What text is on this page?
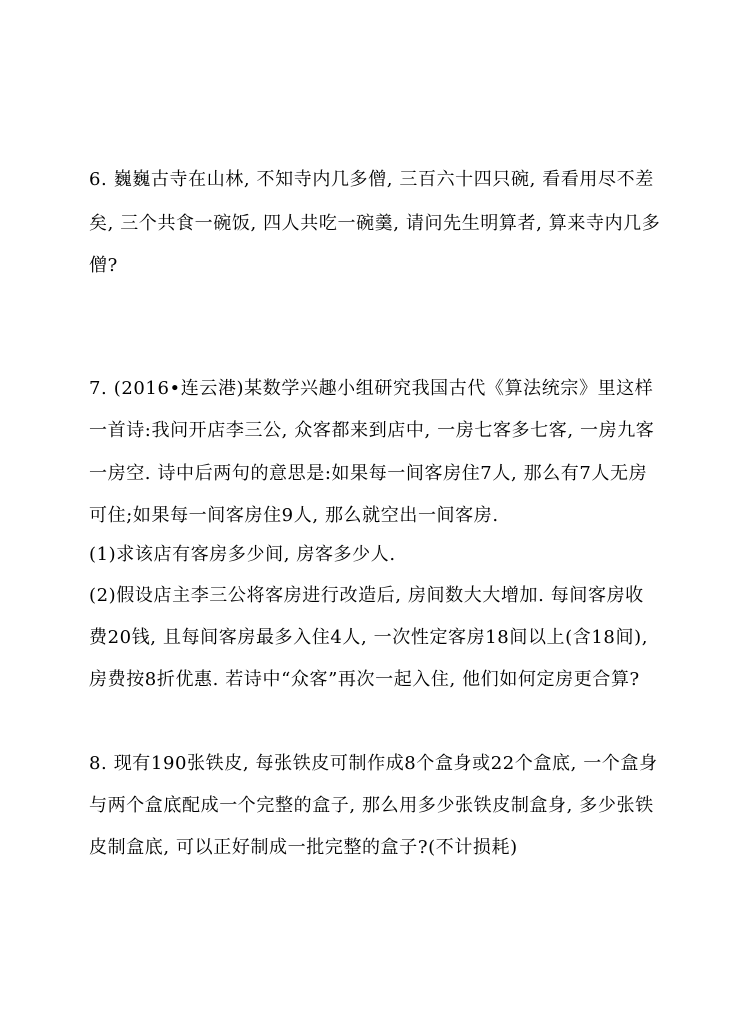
6. 巍巍古寺在山林, 不知寺内几多僧, 三百六十四只碗, 看看用尽不差
矣, 三个共食一碗饭, 四人共吃一碗羹, 请问先生明算者, 算来寺内几多
僧?
7. (2016•连云港)某数学兴趣小组研究我国古代《算法统宗》里这样
一首诗:我问开店李三公, 众客都来到店中, 一房七客多七客, 一房九客
一房空. 诗中后两句的意思是:如果每一间客房住7人, 那么有7人无房
可住;如果每一间客房住9人, 那么就空出一间客房.
(1)求该店有客房多少间, 房客多少人.
(2)假设店主李三公将客房进行改造后, 房间数大大增加. 每间客房收
费20钱, 且每间客房最多入住4人, 一次性定客房18间以上(含18间),
房费按8折优惠. 若诗中“众客”再次一起入住, 他们如何定房更合算?
8. 现有190张铁皮, 每张铁皮可制作成8个盒身或22个盒底, 一个盒身
与两个盒底配成一个完整的盒子, 那么用多少张铁皮制盒身, 多少张铁
皮制盒底, 可以正好制成一批完整的盒子?(不计损耗)
